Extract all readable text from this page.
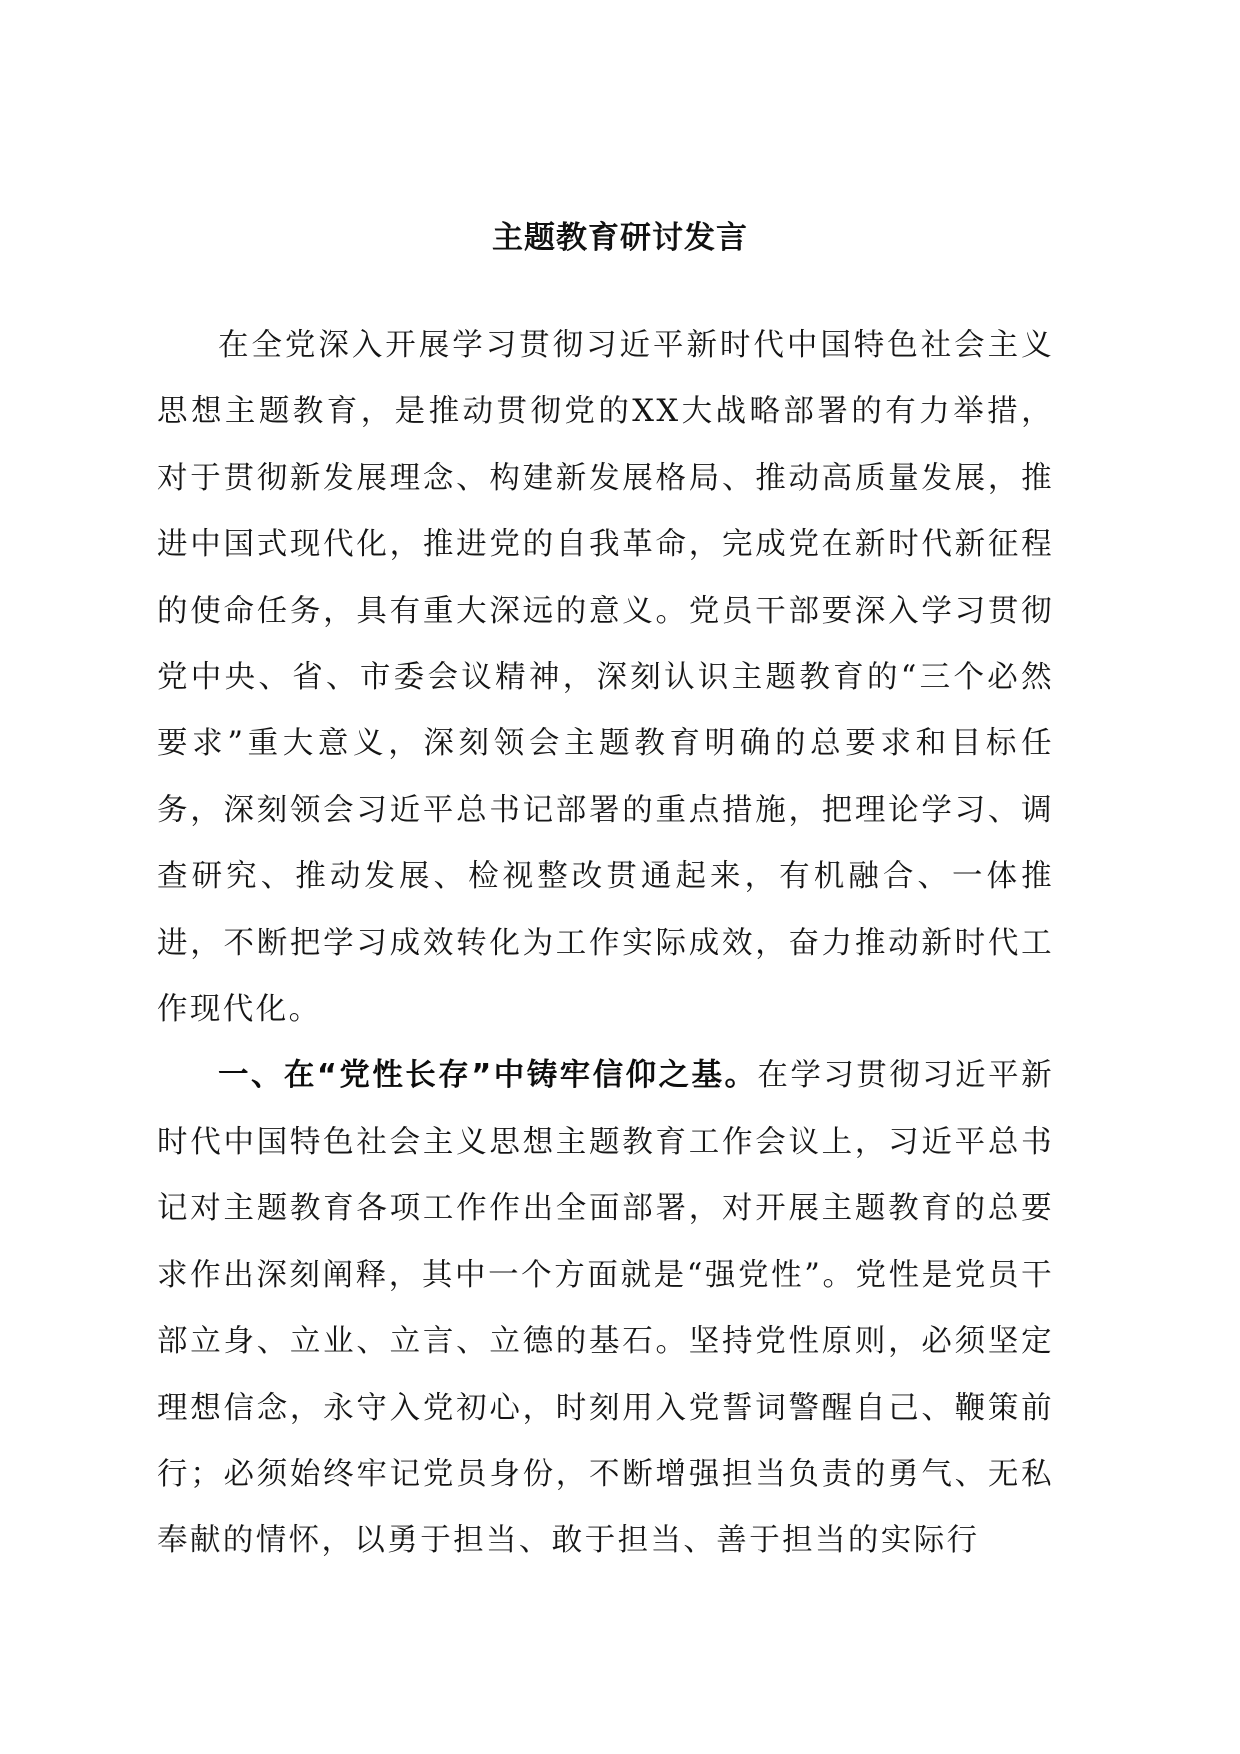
主题教育研讨发言

在全党深入开展学习贯彻习近平新时代中国特色社会主义思想主题教育，是推动贯彻党的XX大战略部署的有力举措，对于贯彻新发展理念、构建新发展格局、推动高质量发展，推进中国式现代化，推进党的自我革命，完成党在新时代新征程的使命任务，具有重大深远的意义。党员干部要深入学习贯彻党中央、省、市委会议精神，深刻认识主题教育的“三个必然要求”重大意义，深刻领会主题教育明确的总要求和目标任务，深刻领会习近平总书记部署的重点措施，把理论学习、调查研究、推动发展、检视整改贯通起来，有机融合、一体推进，不断把学习成效转化为工作实际成效，奋力推动新时代工作现代化。

一、在“党性长存”中铸牢信仰之基。在学习贯彻习近平新时代中国特色社会主义思想主题教育工作会议上，习近平总书记对主题教育各项工作作出全面部署，对开展主题教育的总要求作出深刻阐释，其中一个方面就是“强党性”。党性是党员干部立身、立业、立言、立德的基石。坚持党性原则，必须坚定理想信念，永守入党初心，时刻用入党誓词警醒自己、鞭策前行；必须始终牢记党员身份，不断增强担当负责的勇气、无私奉献的情怀，以勇于担当、敢于担当、善于担当的实际行
